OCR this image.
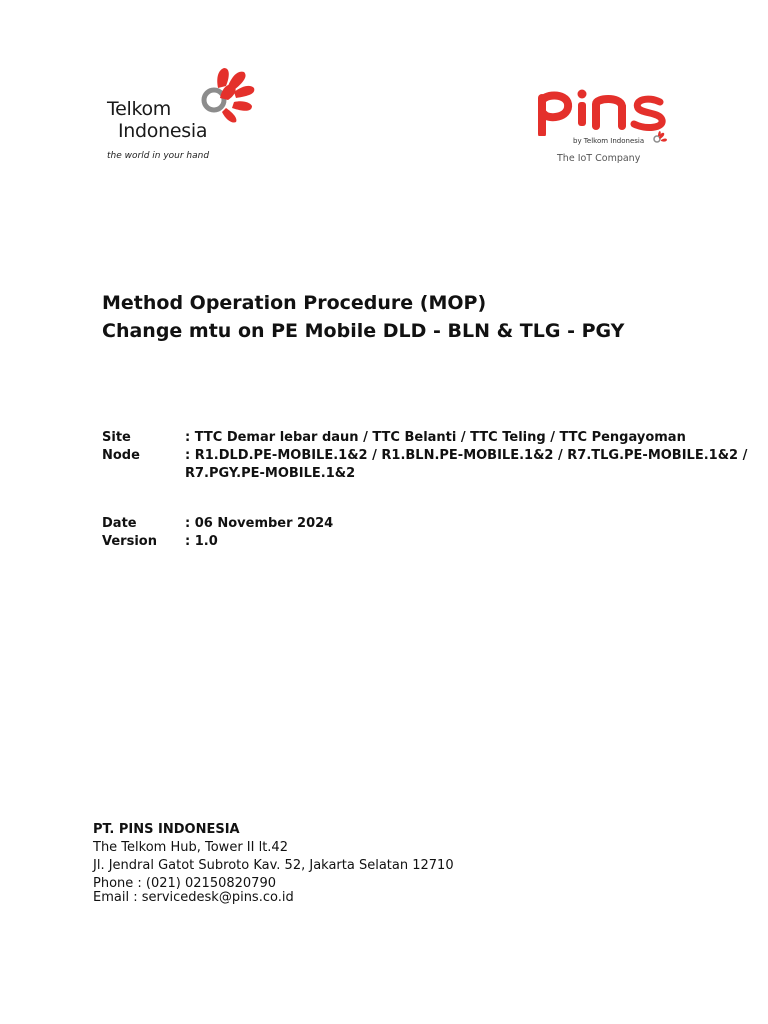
Telkom
Indonesia
the world in your hand
by Telkom Indonesia
The IoT Company
Method Operation Procedure (MOP)
Change mtu on PE Mobile DLD - BLN & TLG - PGY
Site	: TTC Demar lebar daun / TTC Belanti / TTC Teling / TTC Pengayoman
Node	: R1.DLD.PE-MOBILE.1&2 / R1.BLN.PE-MOBILE.1&2 / R7.TLG.PE-MOBILE.1&2 /
R7.PGY.PE-MOBILE.1&2
Date	: 06 November 2024
Version : 1.0
PT. PINS INDONESIA
The Telkom Hub, Tower II lt.42
Jl. Jendral Gatot Subroto Kav. 52, Jakarta Selatan 12710
Phone : (021) 02150820790
Email : servicedesk@pins.co.id
